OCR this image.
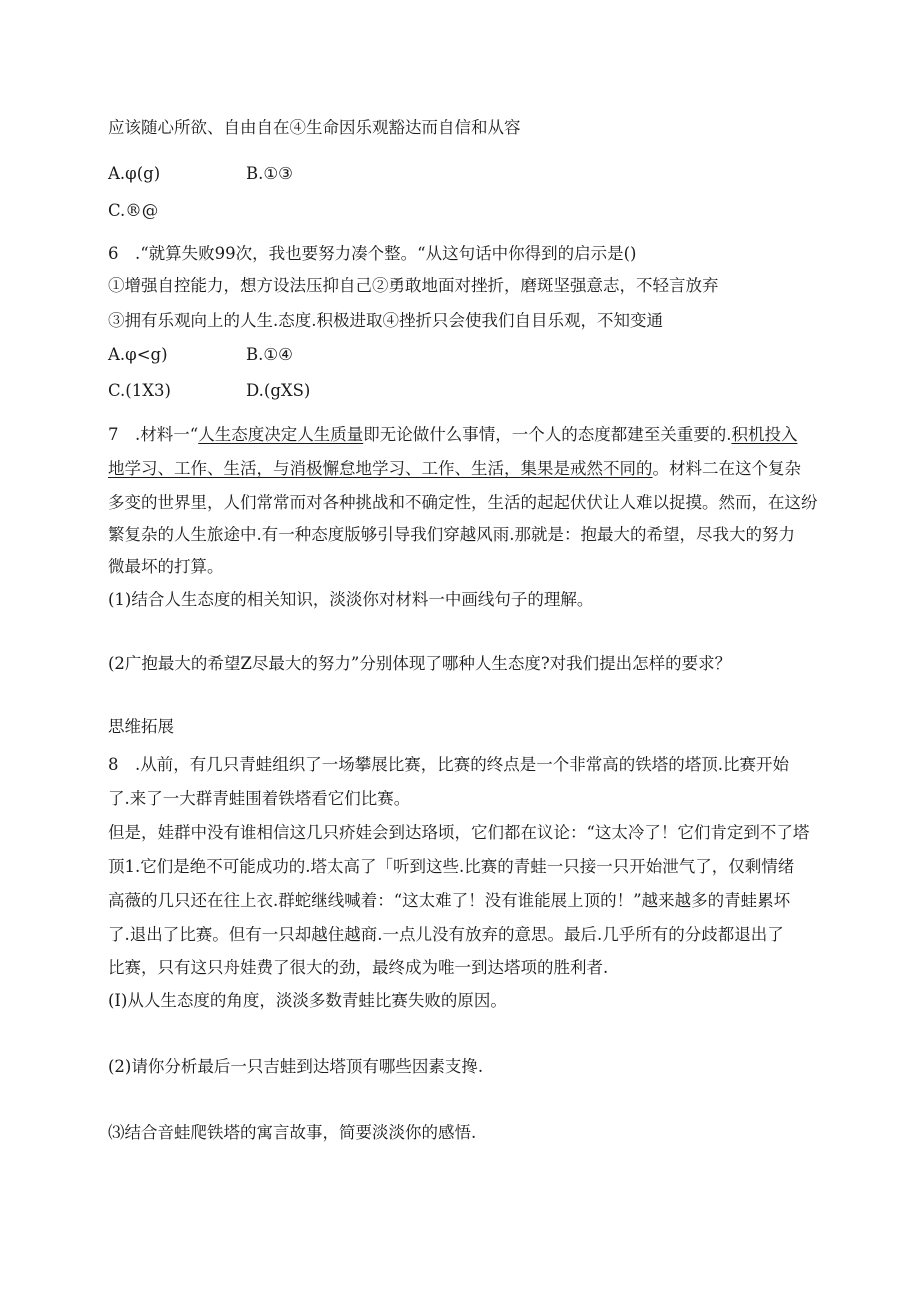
应该随心所欲、自由自在④生命因乐观豁达而自信和从容
A.φ(g)	B.①③
C.®@
6　.“就算失败99次，我也要努力凑个整。“从这句话中你得到的启示是()
①增强自控能力，想方设法压抑自己②勇敢地面对挫折，磨斑坚强意志，不轻言放弃
③拥有乐观向上的人生.态度.积极进取④挫折只会使我们自目乐观，不知变通
A.φ<g)	B.①④
C.(1X3)	D.(gXS)
7　.材料一“人生态度决定人生质量即无论做什么事情，一个人的态度都建至关重要的.积机投入
地学习、工作、生活，与消极懈怠地学习、工作、生活，集果是戒然不同的。材料二在这个复杂
多变的世界里，人们常常而对各种挑战和不确定性，生活的起起伏伏让人难以捉摸。然而，在这纷
繁复杂的人生旅途中.有一种态度版够引导我们穿越风雨.那就是：抱最大的希望，尽我大的努力
微最坏的打算。
(1)结合人生态度的相关知识，淡淡你对材料一中画线句子的理解。
(2广抱最大的希望Z尽最大的努力”分别体现了哪种人生态度?对我们提出怎样的要求？
思维拓展
8　.从前，有几只青蛙组织了一场攀展比赛，比赛的终点是一个非常高的铁塔的塔顶.比赛开始
了.来了一大群青蛙围着铁塔看它们比赛。
但是，娃群中没有谁相信这几只疥娃会到达珞顷，它们都在议论：“这太冷了！它们肯定到不了塔
顶1.它们是绝不可能成功的.塔太高了「听到这些.比赛的青蛙一只接一只开始泄气了，仅剩情绪
高薇的几只还在往上衣.群蛇继线喊着：“这太难了！没有谁能展上顶的！”越来越多的青蛙累坏
了.退出了比赛。但有一只却越住越商.一点儿没有放弃的意思。最后.几乎所有的分歧都退出了
比赛，只有这只舟娃费了很大的劲，最终成为唯一到达塔项的胜利者.
(I)从人生态度的角度，淡淡多数青蛙比赛失败的原因。
(2)请你分析最后一只吉蛙到达塔顶有哪些因素支搀.
⑶结合音蛙爬铁塔的寓言故事，简要淡淡你的感悟.
